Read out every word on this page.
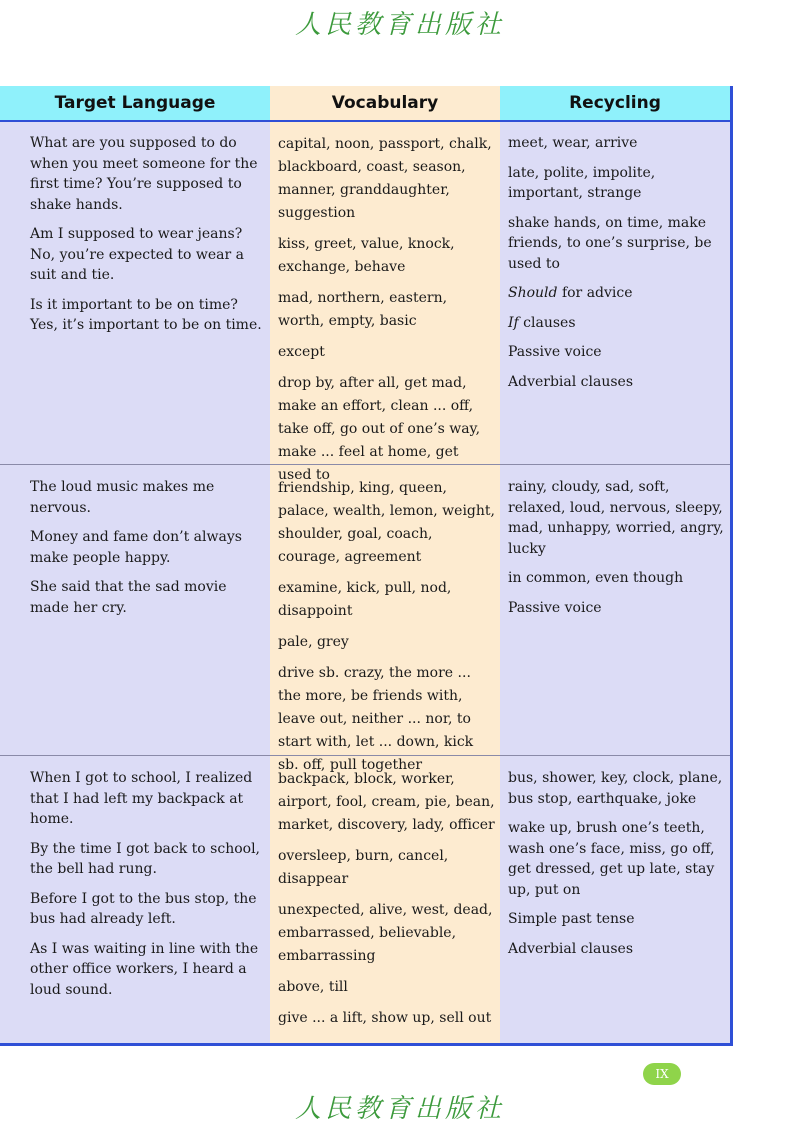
人民教育出版社
Target Language	Vocabulary	Recycling

What are you supposed to do when you meet someone for the first time? You’re supposed to shake hands.

Am I supposed to wear jeans? No, you’re expected to wear a suit and tie.

Is it important to be on time? Yes, it’s important to be on time.

capital, noon, passport, chalk, blackboard, coast, season, manner, granddaughter, suggestion

kiss, greet, value, knock, exchange, behave

mad, northern, eastern, worth, empty, basic

except

drop by, after all, get mad, make an effort, clean ... off, take off, go out of one’s way, make ... feel at home, get used to

meet, wear, arrive

late, polite, impolite, important, strange

shake hands, on time, make friends, to one’s surprise, be used to

Should for advice

If clauses

Passive voice

Adverbial clauses

The loud music makes me nervous.

Money and fame don’t always make people happy.

She said that the sad movie made her cry.

friendship, king, queen, palace, wealth, lemon, weight, shoulder, goal, coach, courage, agreement

examine, kick, pull, nod, disappoint

pale, grey

drive sb. crazy, the more ... the more, be friends with, leave out, neither ... nor, to start with, let ... down, kick sb. off, pull together

rainy, cloudy, sad, soft, relaxed, loud, nervous, sleepy, mad, unhappy, worried, angry, lucky

in common, even though

Passive voice

When I got to school, I realized that I had left my backpack at home.

By the time I got back to school, the bell had rung.

Before I got to the bus stop, the bus had already left.

As I was waiting in line with the other office workers, I heard a loud sound.

backpack, block, worker, airport, fool, cream, pie, bean, market, discovery, lady, officer

oversleep, burn, cancel, disappear

unexpected, alive, west, dead, embarrassed, believable, embarrassing

above, till

give ... a lift, show up, sell out

bus, shower, key, clock, plane, bus stop, earthquake, joke

wake up, brush one’s teeth, wash one’s face, miss, go off, get dressed, get up late, stay up, put on

Simple past tense

Adverbial clauses

IX
人民教育出版社
